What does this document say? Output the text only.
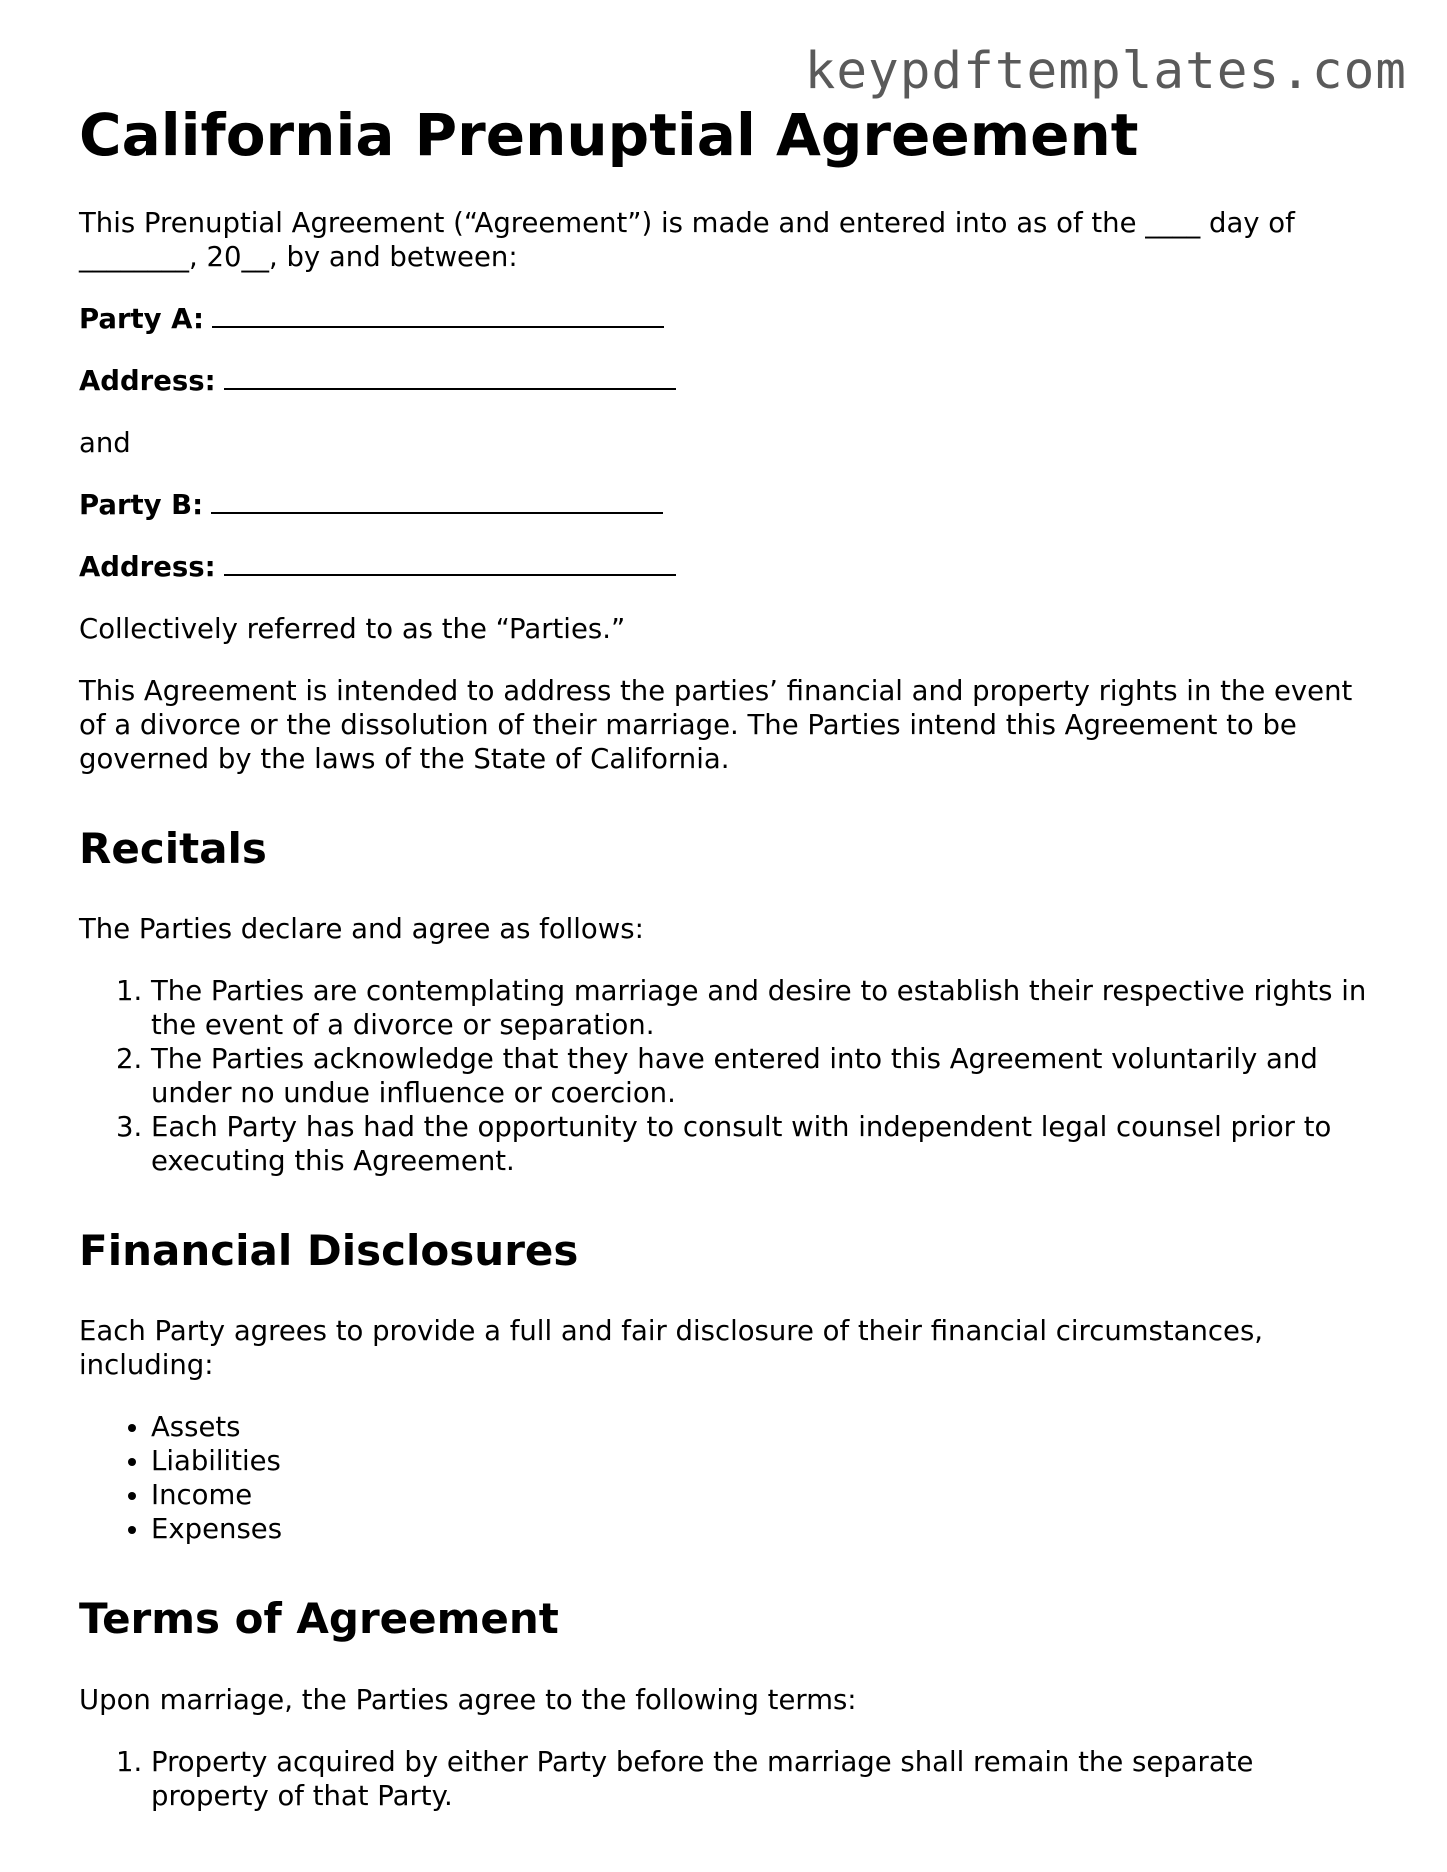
keypdftemplates.com
California Prenuptial Agreement

This Prenuptial Agreement (“Agreement”) is made and entered into as of the ____ day of ________, 20__, by and between:

Party A:
Address:

and

Party B:
Address:

Collectively referred to as the “Parties.”

This Agreement is intended to address the parties’ financial and property rights in the event of a divorce or the dissolution of their marriage. The Parties intend this Agreement to be governed by the laws of the State of California.

Recitals

The Parties declare and agree as follows:

1. The Parties are contemplating marriage and desire to establish their respective rights in the event of a divorce or separation.
2. The Parties acknowledge that they have entered into this Agreement voluntarily and under no undue influence or coercion.
3. Each Party has had the opportunity to consult with independent legal counsel prior to executing this Agreement.
Financial Disclosures

Each Party agrees to provide a full and fair disclosure of their financial circumstances, including:

• Assets
• Liabilities
• Income
• Expenses
Terms of Agreement

Upon marriage, the Parties agree to the following terms:

1. Property acquired by either Party before the marriage shall remain the separate property of that Party.
